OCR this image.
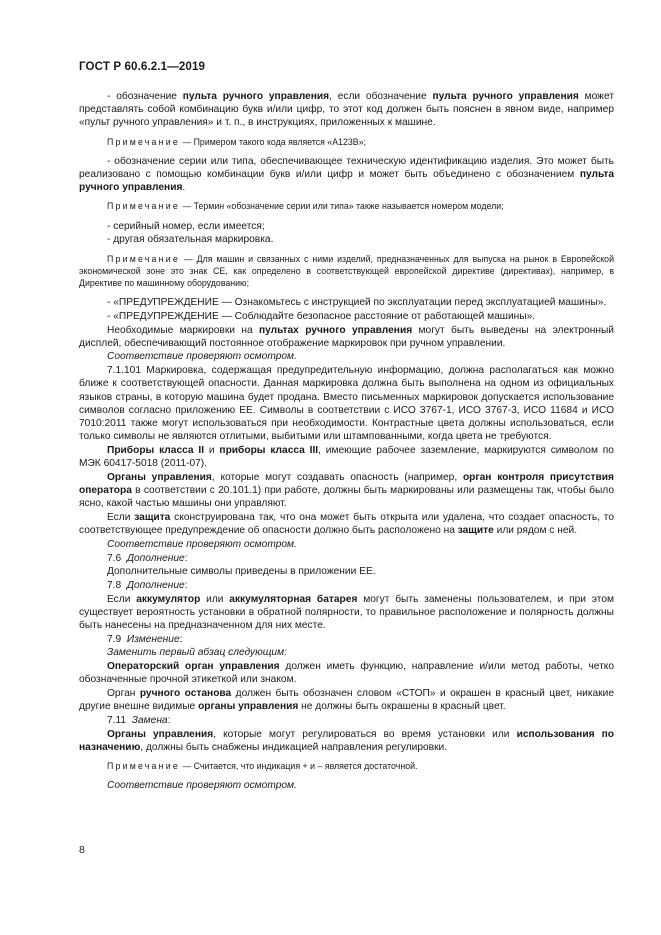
ГОСТ Р 60.6.2.1—2019

- обозначение пульта ручного управления, если обозначение пульта ручного управления может представлять собой комбинацию букв и/или цифр, то этот код должен быть пояснен в явном виде, например «пульт ручного управления» и т. п., в инструкциях, приложенных к машине.

Примечание — Примером такого кода является «A123B»;

- обозначение серии или типа, обеспечивающее техническую идентификацию изделия. Это может быть реализовано с помощью комбинации букв и/или цифр и может быть объединено с обозначением пульта ручного управления.

Примечание — Термин «обозначение серии или типа» также называется номером модели;

- серийный номер, если имеется;

- другая обязательная маркировка.

Примечание — Для машин и связанных с ними изделий, предназначенных для выпуска на рынок в Европейской экономической зоне это знак CE, как определено в соответствующей европейской директиве (директивах), например, в Директиве по машинному оборудованию;

- «ПРЕДУПРЕЖДЕНИЕ — Ознакомьтесь с инструкцией по эксплуатации перед эксплуатацией машины».

- «ПРЕДУПРЕЖДЕНИЕ — Соблюдайте безопасное расстояние от работающей машины».

Необходимые маркировки на пультах ручного управления могут быть выведены на электронный дисплей, обеспечивающий постоянное отображение маркировок при ручном управлении.

Соответствие проверяют осмотром.

7.1.101 Маркировка, содержащая предупредительную информацию, должна располагаться как можно ближе к соответствующей опасности. Данная маркировка должна быть выполнена на одном из официальных языков страны, в которую машина будет продана. Вместо письменных маркировок допускается использование символов согласно приложению EE. Символы в соответствии с ИСО 3767-1, ИСО 3767-3, ИСО 11684 и ИСО 7010:2011 также могут использоваться при необходимости. Контрастные цвета должны использоваться, если только символы не являются отлитыми, выбитыми или штампованными, когда цвета не требуются.

Приборы класса II и приборы класса III, имеющие рабочее заземление, маркируются символом по МЭК 60417-5018 (2011-07).

Органы управления, которые могут создавать опасность (например, орган контроля присутствия оператора в соответствии с 20.101.1) при работе, должны быть маркированы или размещены так, чтобы было ясно, какой частью машины они управляют.

Если защита сконструирована так, что она может быть открыта или удалена, что создает опасность, то соответствующее предупреждение об опасности должно быть расположено на защите или рядом с ней.

Соответствие проверяют осмотром.

7.6 Дополнение:

Дополнительные символы приведены в приложении EE.

7.8 Дополнение:

Если аккумулятор или аккумуляторная батарея могут быть заменены пользователем, и при этом существует вероятность установки в обратной полярности, то правильное расположение и полярность должны быть нанесены на предназначенном для них месте.

7.9 Изменение:

Заменить первый абзац следующим:

Операторский орган управления должен иметь функцию, направление и/или метод работы, четко обозначенные прочной этикеткой или знаком.

Орган ручного останова должен быть обозначен словом «СТОП» и окрашен в красный цвет, никакие другие внешне видимые органы управления не должны быть окрашены в красный цвет.

7.11 Замена:

Органы управления, которые могут регулироваться во время установки или использования по назначению, должны быть снабжены индикацией направления регулировки.

Примечание — Считается, что индикация + и – является достаточной.

Соответствие проверяют осмотром.

8
